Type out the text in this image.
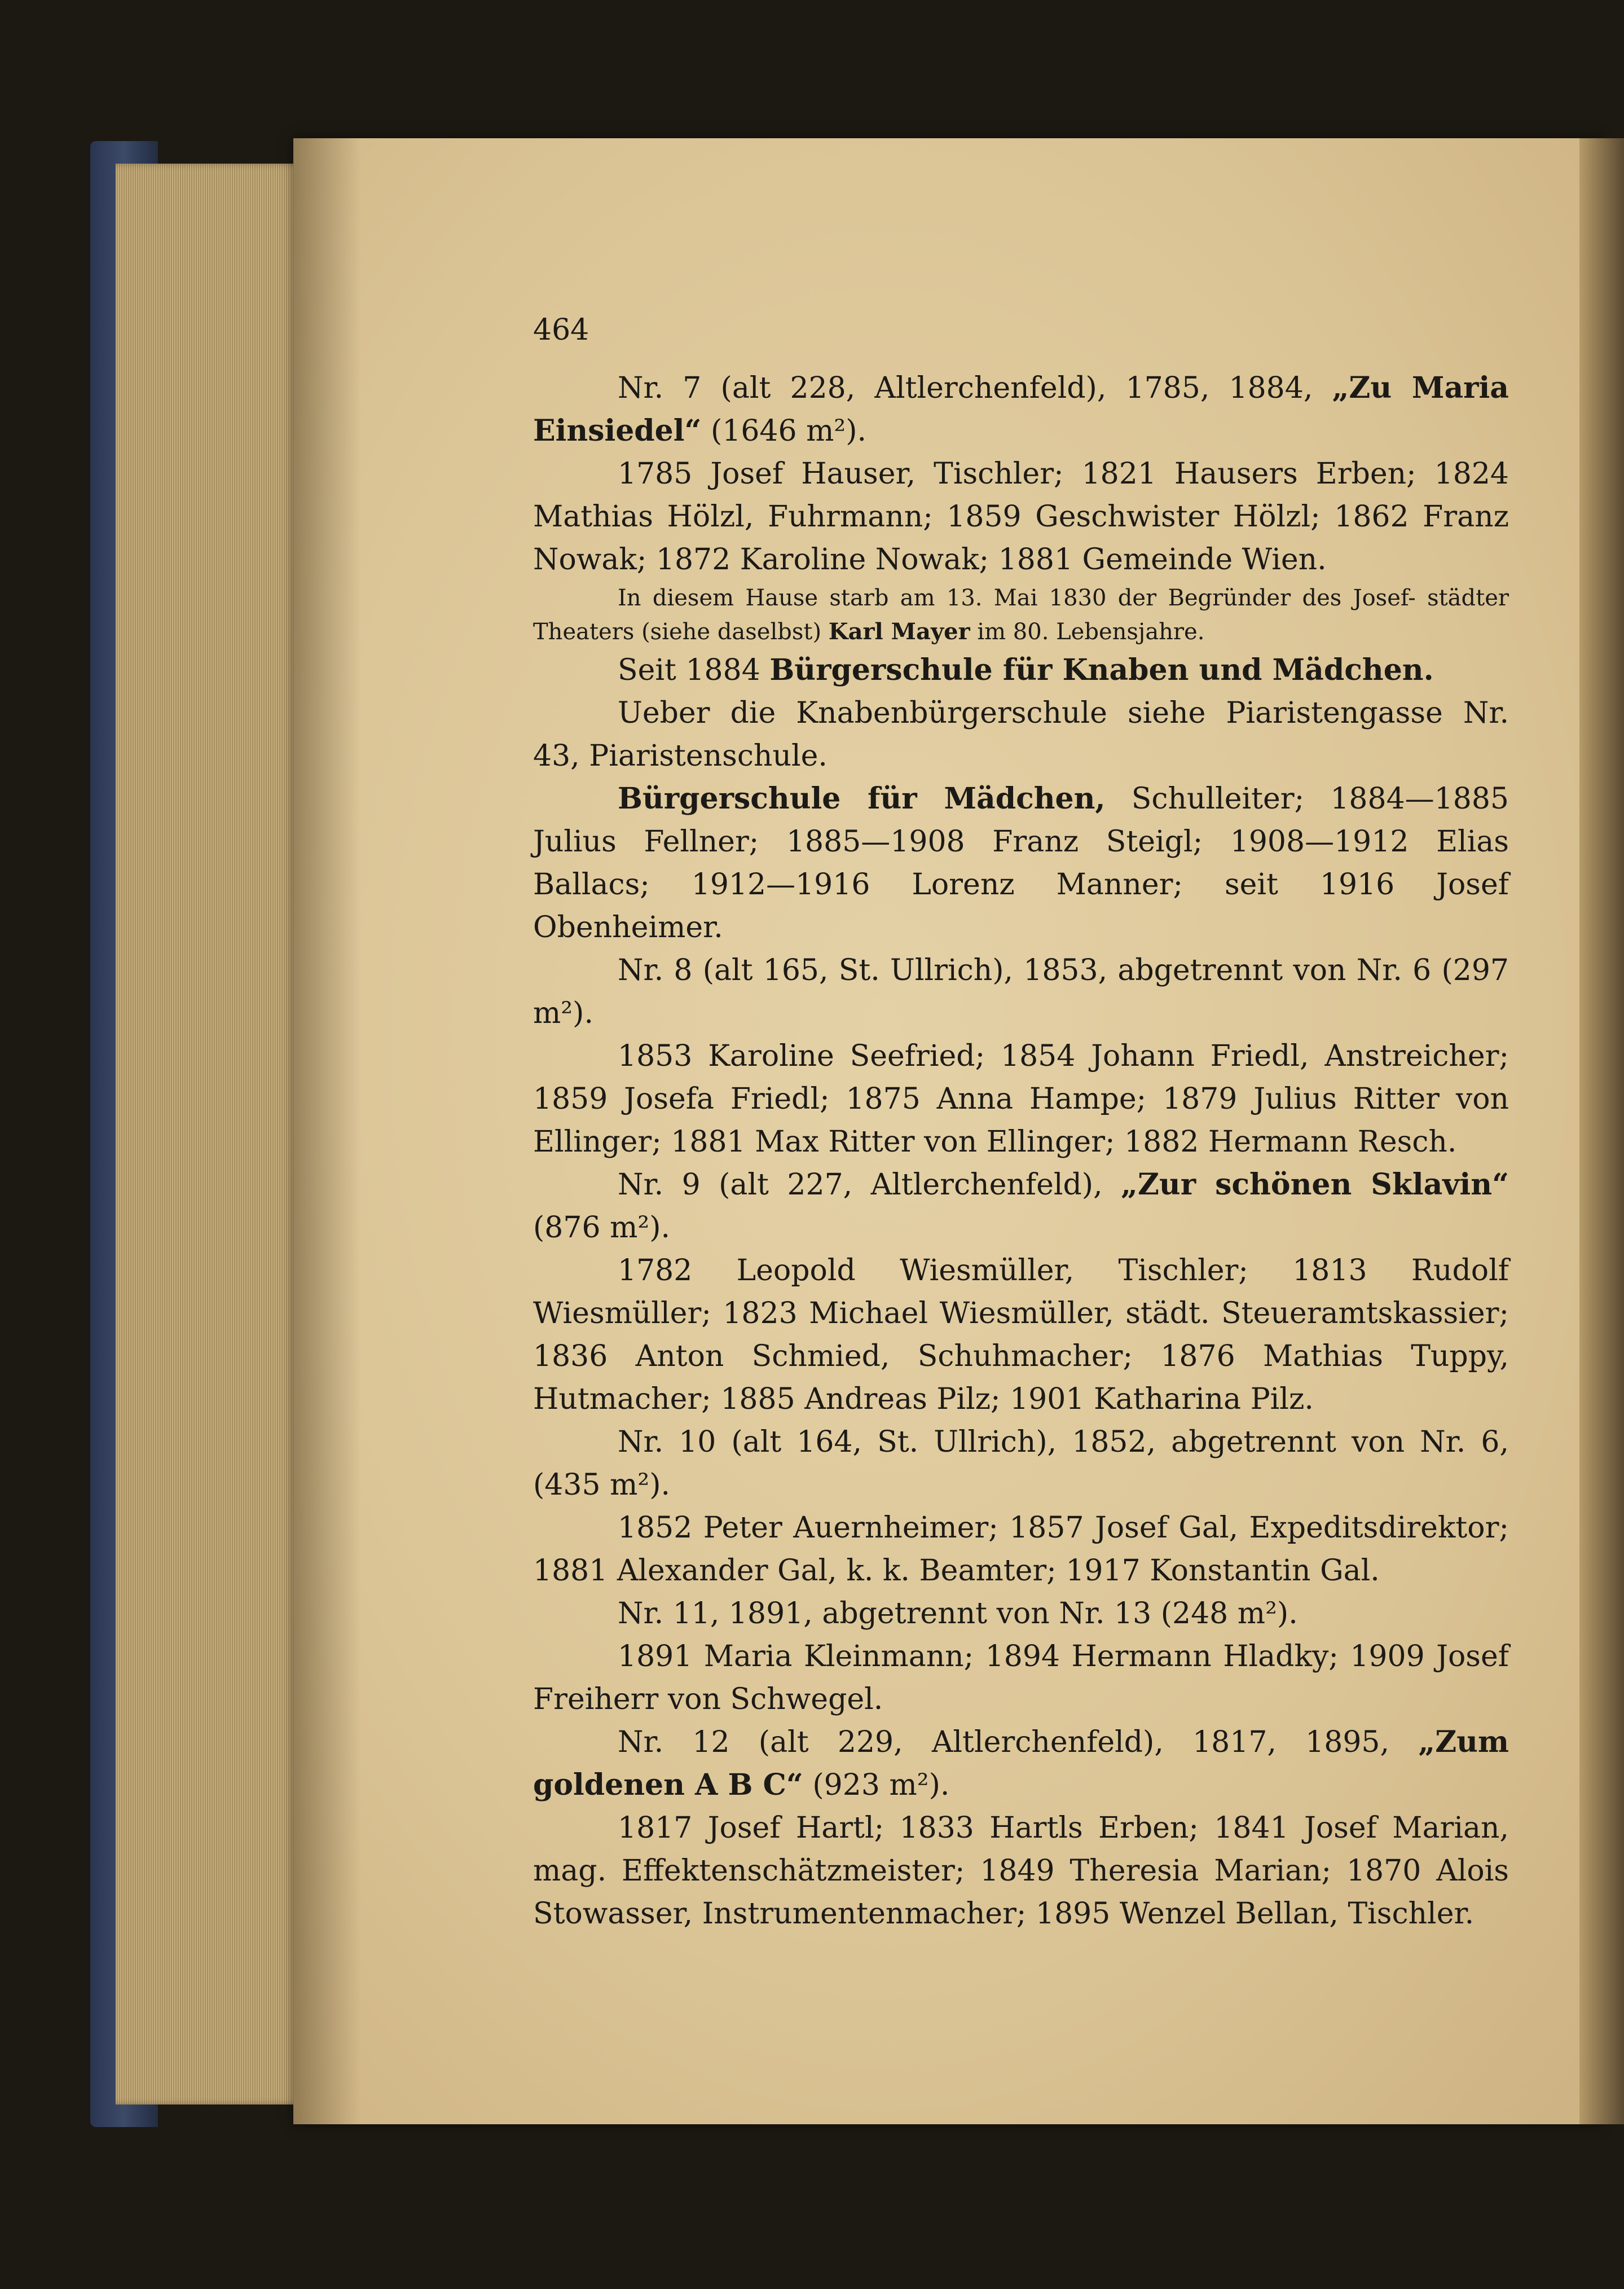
464

Nr. 7 (alt 228, Altlerchenfeld), 1785, 1884, „Zu Maria Einsiedel“ (1646 m²).

1785 Josef Hauser, Tischler; 1821 Hausers Erben; 1824 Mathias Hölzl, Fuhrmann; 1859 Geschwister Hölzl; 1862 Franz Nowak; 1872 Karoline Nowak; 1881 Gemeinde Wien.

In diesem Hause starb am 13. Mai 1830 der Begründer des Josef- städter Theaters (siehe daselbst) Karl Mayer im 80. Lebensjahre.

Seit 1884 Bürgerschule für Knaben und Mädchen.

Ueber die Knabenbürgerschule siehe Piaristengasse Nr. 43, Piaristenschule.

Bürgerschule für Mädchen, Schulleiter; 1884—1885 Julius Fellner; 1885—1908 Franz Steigl; 1908—1912 Elias Ballacs; 1912—1916 Lorenz Manner; seit 1916 Josef Obenheimer.

Nr. 8 (alt 165, St. Ullrich), 1853, abgetrennt von Nr. 6 (297 m²).

1853 Karoline Seefried; 1854 Johann Friedl, Anstreicher; 1859 Josefa Friedl; 1875 Anna Hampe; 1879 Julius Ritter von Ellinger; 1881 Max Ritter von Ellinger; 1882 Hermann Resch.

Nr. 9 (alt 227, Altlerchenfeld), „Zur schönen Sklavin“ (876 m²).

1782 Leopold Wiesmüller, Tischler; 1813 Rudolf Wiesmüller; 1823 Michael Wiesmüller, städt. Steueramtskassier; 1836 Anton Schmied, Schuhmacher; 1876 Mathias Tuppy, Hutmacher; 1885 Andreas Pilz; 1901 Katharina Pilz.

Nr. 10 (alt 164, St. Ullrich), 1852, abgetrennt von Nr. 6, (435 m²).

1852 Peter Auernheimer; 1857 Josef Gal, Expeditsdirektor; 1881 Alexander Gal, k. k. Beamter; 1917 Konstantin Gal.

Nr. 11, 1891, abgetrennt von Nr. 13 (248 m²).

1891 Maria Kleinmann; 1894 Hermann Hladky; 1909 Josef Freiherr von Schwegel.

Nr. 12 (alt 229, Altlerchenfeld), 1817, 1895, „Zum goldenen A B C“ (923 m²).

1817 Josef Hartl; 1833 Hartls Erben; 1841 Josef Marian, mag. Effektenschätzmeister; 1849 Theresia Marian; 1870 Alois Stowasser, Instrumentenmacher; 1895 Wenzel Bellan, Tischler.
